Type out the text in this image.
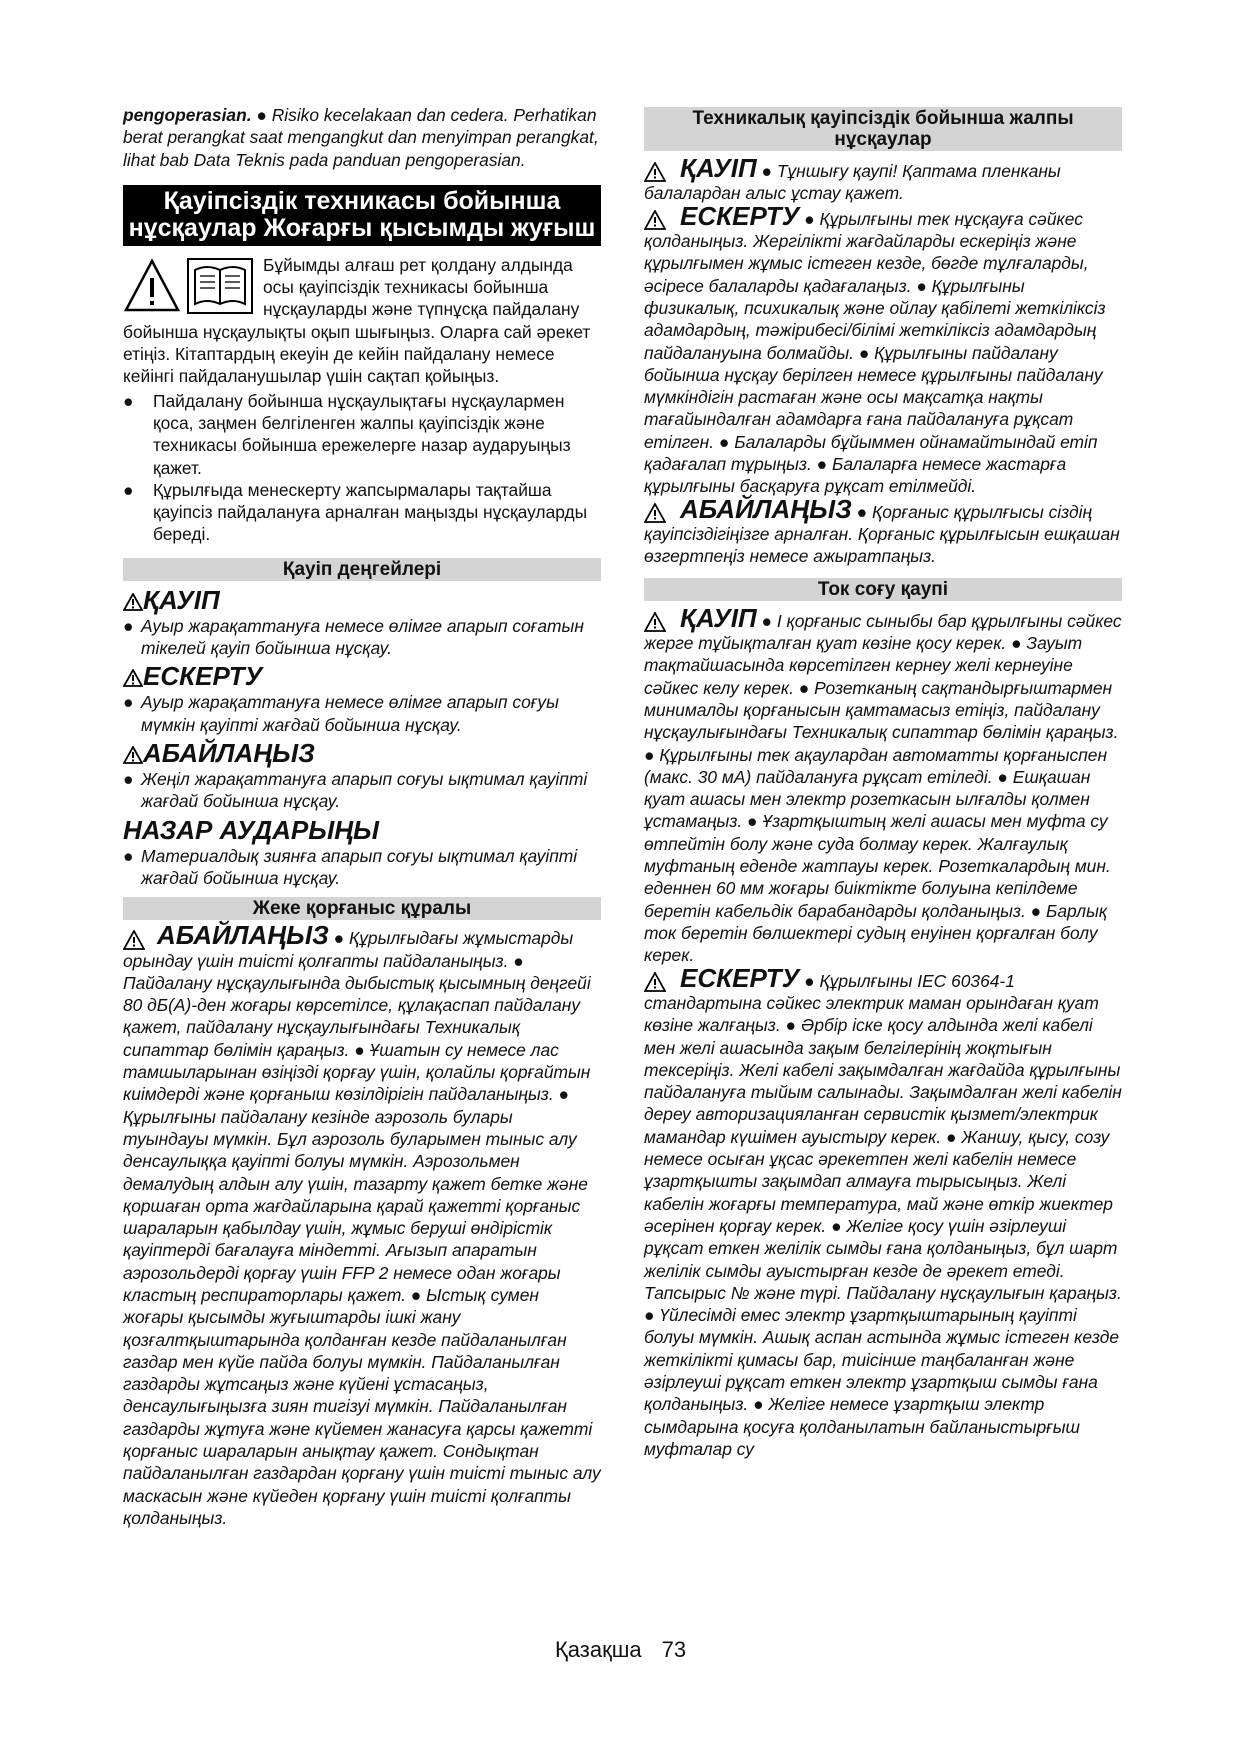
pengoperasian. ● Risiko kecelakaan dan cedera. Perhatikan berat perangkat saat mengangkut dan menyimpan perangkat, lihat bab Data Teknis pada panduan pengoperasian.

Қауіпсіздік техникасы бойынша нұсқаулар Жоғарғы қысымды жуғыш

Бұйымды алғаш рет қолдану алдында осы қауіпсіздік техникасы бойынша нұсқауларды және түпнұсқа пайдалану бойынша нұсқаулықты оқып шығыңыз. Оларға сай әрекет етіңіз. Кітаптардың екеуін де кейін пайдалану немесе кейінгі пайдаланушылар үшін сақтап қойыңыз.

●	Пайдалану бойынша нұсқаулықтағы нұсқаулармен қоса, заңмен белгіленген жалпы қауіпсіздік және техникасы бойынша ережелерге назар аударуыңыз қажет.
●	Құрылғыда менескерту жапсырмалары тақтайша қауіпсіз пайдалануға арналған маңызды нұсқауларды береді.
Қауіп деңгейлері
ҚАУІП
● Ауыр жарақаттануға немесе өлімге апарып соғатын тікелей қауіп бойынша нұсқау.
ЕСКЕРТУ
● Ауыр жарақаттануға немесе өлімге апарып соғуы мүмкін қауіпті жағдай бойынша нұсқау.
АБАЙЛАҢЫЗ
● Жеңіл жарақаттануға апарып соғуы ықтимал қауіпті жағдай бойынша нұсқау.
НАЗАР АУДАРЫҢЫ
● Материалдық зиянға апарып соғуы ықтимал қауіпті жағдай бойынша нұсқау.
Жеке қорғаныс құралы

АБАЙЛАҢЫЗ ● Құрылғыдағы жұмыстарды орындау үшін тиісті қолғапты пайдаланыңыз. ● Пайдалану нұсқаулығында дыбыстық қысымның деңгейі 80 дБ(А)-ден жоғары көрсетілсе, құлақаспап пайдалану қажет, пайдалану нұсқаулығындағы Техникалық сипаттар бөлімін қараңыз. ● Ұшатын су немесе лас тамшыларынан өзіңізді қорғау үшін, қолайлы қорғайтын киімдерді және қорғаныш көзілдірігін пайдаланыңыз. ● Құрылғыны пайдалану кезінде аэрозоль булары туындауы мүмкін. Бұл аэрозоль буларымен тыныс алу денсаулыққа қауіпті болуы мүмкін. Аэрозольмен демалудың алдын алу үшін, тазарту қажет бетке және қоршаған орта жағдайларына қарай қажетті қорғаныс шараларын қабылдау үшін, жұмыс беруші өндірістік қауіптерді бағалауға міндетті. Ағызып апаратын аэрозольдерді қорғау үшін FFP 2 немесе одан жоғары кластың респираторлары қажет. ● Ыстық сумен жоғары қысымды жуғыштарды ішкі жану қозғалтқыштарында қолданған кезде пайдаланылған газдар мен күйе пайда болуы мүмкін. Пайдаланылған газдарды жұтсаңыз және күйені ұстасаңыз, денсаулығыңызға зиян тигізуі мүмкін. Пайдаланылған газдарды жұтуға және күйемен жанасуға қарсы қажетті қорғаныс шараларын анықтау қажет. Сондықтан пайдаланылған газдардан қорғану үшін тиісті тыныс алу маскасын және күйеден қорғану үшін тиісті қолғапты қолданыңыз.

Техникалық қауіпсіздік бойынша жалпы нұсқаулар

ҚАУІП ● Тұншығу қаупі! Қаптама пленканы балалардан алыс ұстау қажет.

ЕСКЕРТУ ● Құрылғыны тек нұсқауға сәйкес қолданыңыз. Жергілікті жағдайларды ескеріңіз және құрылғымен жұмыс істеген кезде, бөгде тұлғаларды, әсіресе балаларды қадағалаңыз. ● Құрылғыны физикалық, психикалық және ойлау қабілеті жеткіліксіз адамдардың, тәжірибесі/білімі жеткіліксіз адамдардың пайдалануына болмайды. ● Құрылғыны пайдалану бойынша нұсқау берілген немесе құрылғыны пайдалану мүмкіндігін растаған және осы мақсатқа нақты тағайындалған адамдарға ғана пайдалануға рұқсат етілген. ● Балаларды бұйыммен ойнамайтындай етіп қадағалап тұрыңыз. ● Балаларға немесе жастарға құрылғыны басқаруға рұқсат етілмейді.

АБАЙЛАҢЫЗ ● Қорғаныс құрылғысы сіздің қауіпсіздігіңізге арналған. Қорғаныс құрылғысын ешқашан өзгертпеңіз немесе ажыратпаңыз.

Ток соғу қаупі

ҚАУІП ● I қорғаныс сыныбы бар құрылғыны сәйкес жерге тұйықталған қуат көзіне қосу керек. ● Зауыт тақтайшасында көрсетілген кернеу желі кернеуіне сәйкес келу керек. ● Розетканың сақтандырғыштармен минималды қорғанысын қамтамасыз етіңіз, пайдалану нұсқаулығындағы Техникалық сипаттар бөлімін қараңыз. ● Құрылғыны тек ақаулардан автоматты қорғаныспен (макс. 30 мА) пайдалануға рұқсат етіледі. ● Ешқашан қуат ашасы мен электр розеткасын ылғалды қолмен ұстамаңыз. ● Ұзартқыштың желі ашасы мен муфта су өтпейтін болу және суда болмау керек. Жалғаулық муфтаның еденде жатпауы керек. Розеткалардың мин. еденнен 60 мм жоғары биіктікте болуына кепілдеме беретін кабельдік барабандарды қолданыңыз. ● Барлық ток беретін бөлшектері судың енуінен қорғалған болу керек.

ЕСКЕРТУ ● Құрылғыны IEC 60364-1 стандартына сәйкес электрик маман орындаған қуат көзіне жалғаңыз. ● Әрбір іске қосу алдында желі кабелі мен желі ашасында зақым белгілерінің жоқтығын тексеріңіз. Желі кабелі зақымдалған жағдайда құрылғыны пайдалануға тыйым салынады. Зақымдалған желі кабелін дереу авторизацияланған сервистік қызмет/электрик мамандар күшімен ауыстыру керек. ● Жаншу, қысу, созу немесе осыған ұқсас әрекетпен желі кабелін немесе ұзартқышты зақымдап алмауға тырысыңыз. Желі кабелін жоғарғы температура, май және өткір жиектер әсерінен қорғау керек. ● Желіге қосу үшін әзірлеуші рұқсат еткен желілік сымды ғана қолданыңыз, бұл шарт желілік сымды ауыстырған кезде де әрекет етеді. Тапсырыс № және түрі. Пайдалану нұсқаулығын қараңыз. ● Үйлесімді емес электр ұзартқыштарының қауіпті болуы мүмкін. Ашық аспан астында жұмыс істеген кезде жеткілікті қимасы бар, тиісінше таңбаланған және әзірлеуші рұқсат еткен электр ұзартқыш сымды ғана қолданыңыз. ● Желіге немесе ұзартқыш электр сымдарына қосуға қолданылатын байланыстырғыш муфталар су

Қазақша 73
